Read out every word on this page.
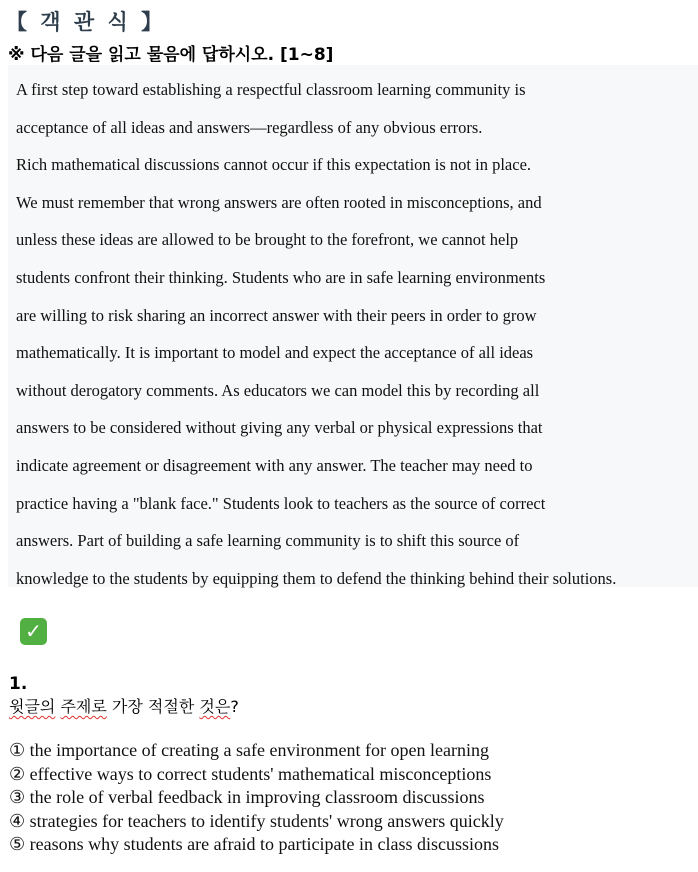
【 객 관 식 】
※ 다음 글을 읽고 물음에 답하시오. [1~8]
A first step toward establishing a respectful classroom learning community is
acceptance of all ideas and answers—regardless of any obvious errors.
Rich mathematical discussions cannot occur if this expectation is not in place.
We must remember that wrong answers are often rooted in misconceptions, and
unless these ideas are allowed to be brought to the forefront, we cannot help
students confront their thinking. Students who are in safe learning environments
are willing to risk sharing an incorrect answer with their peers in order to grow
mathematically. It is important to model and expect the acceptance of all ideas
without derogatory comments. As educators we can model this by recording all
answers to be considered without giving any verbal or physical expressions that
indicate agreement or disagreement with any answer. The teacher may need to
practice having a "blank face." Students look to teachers as the source of correct
answers. Part of building a safe learning community is to shift this source of
knowledge to the students by equipping them to defend the thinking behind their solutions.
✓
1.
윗글의 주제로 가장 적절한 것은?
① the importance of creating a safe environment for open learning
② effective ways to correct students' mathematical misconceptions
③ the role of verbal feedback in improving classroom discussions
④ strategies for teachers to identify students' wrong answers quickly
⑤ reasons why students are afraid to participate in class discussions
